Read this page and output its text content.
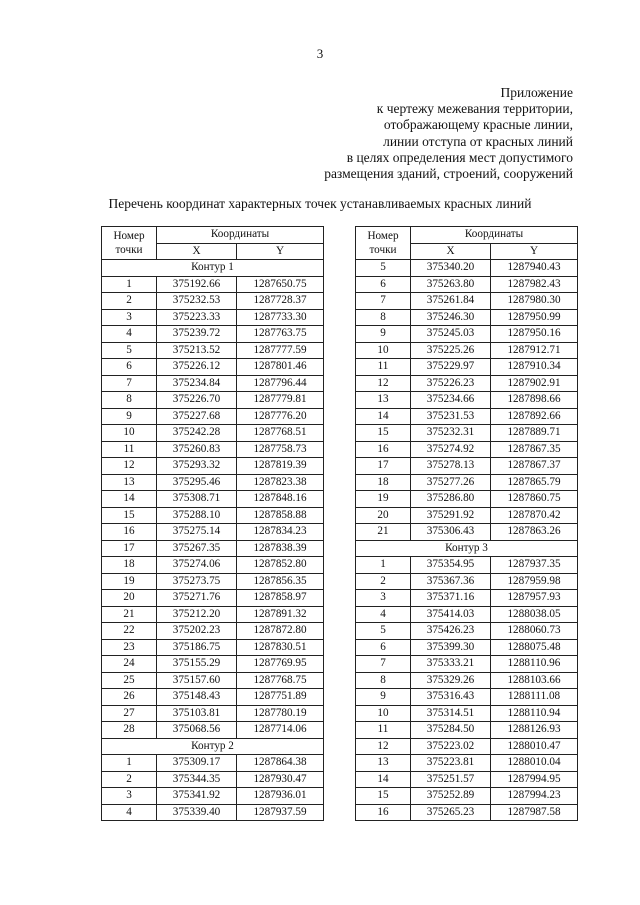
3
Приложение
к чертежу межевания территории,
отображающему красные линии,
линии отступа от красных линий
в целях определения мест допустимого
размещения зданий, строений, сооружений
Перечень координат характерных точек устанавливаемых красных линий
Номер
точки	Координаты	
	X	Y
Контур 1		
1	375192.66	1287650.75
2	375232.53	1287728.37
3	375223.33	1287733.30
4	375239.72	1287763.75
5	375213.52	1287777.59
6	375226.12	1287801.46
7	375234.84	1287796.44
8	375226.70	1287779.81
9	375227.68	1287776.20
10	375242.28	1287768.51
11	375260.83	1287758.73
12	375293.32	1287819.39
13	375295.46	1287823.38
14	375308.71	1287848.16
15	375288.10	1287858.88
16	375275.14	1287834.23
17	375267.35	1287838.39
18	375274.06	1287852.80
19	375273.75	1287856.35
20	375271.76	1287858.97
21	375212.20	1287891.32
22	375202.23	1287872.80
23	375186.75	1287830.51
24	375155.29	1287769.95
25	375157.60	1287768.75
26	375148.43	1287751.89
27	375103.81	1287780.19
28	375068.56	1287714.06
Контур 2		
1	375309.17	1287864.38
2	375344.35	1287930.47
3	375341.92	1287936.01
4	375339.40	1287937.59
Номер
точки	Координаты	
	X	Y
5	375340.20	1287940.43
6	375263.80	1287982.43
7	375261.84	1287980.30
8	375246.30	1287950.99
9	375245.03	1287950.16
10	375225.26	1287912.71
11	375229.97	1287910.34
12	375226.23	1287902.91
13	375234.66	1287898.66
14	375231.53	1287892.66
15	375232.31	1287889.71
16	375274.92	1287867.35
17	375278.13	1287867.37
18	375277.26	1287865.79
19	375286.80	1287860.75
20	375291.92	1287870.42
21	375306.43	1287863.26
Контур 3		
1	375354.95	1287937.35
2	375367.36	1287959.98
3	375371.16	1287957.93
4	375414.03	1288038.05
5	375426.23	1288060.73
6	375399.30	1288075.48
7	375333.21	1288110.96
8	375329.26	1288103.66
9	375316.43	1288111.08
10	375314.51	1288110.94
11	375284.50	1288126.93
12	375223.02	1288010.47
13	375223.81	1288010.04
14	375251.57	1287994.95
15	375252.89	1287994.23
16	375265.23	1287987.58
